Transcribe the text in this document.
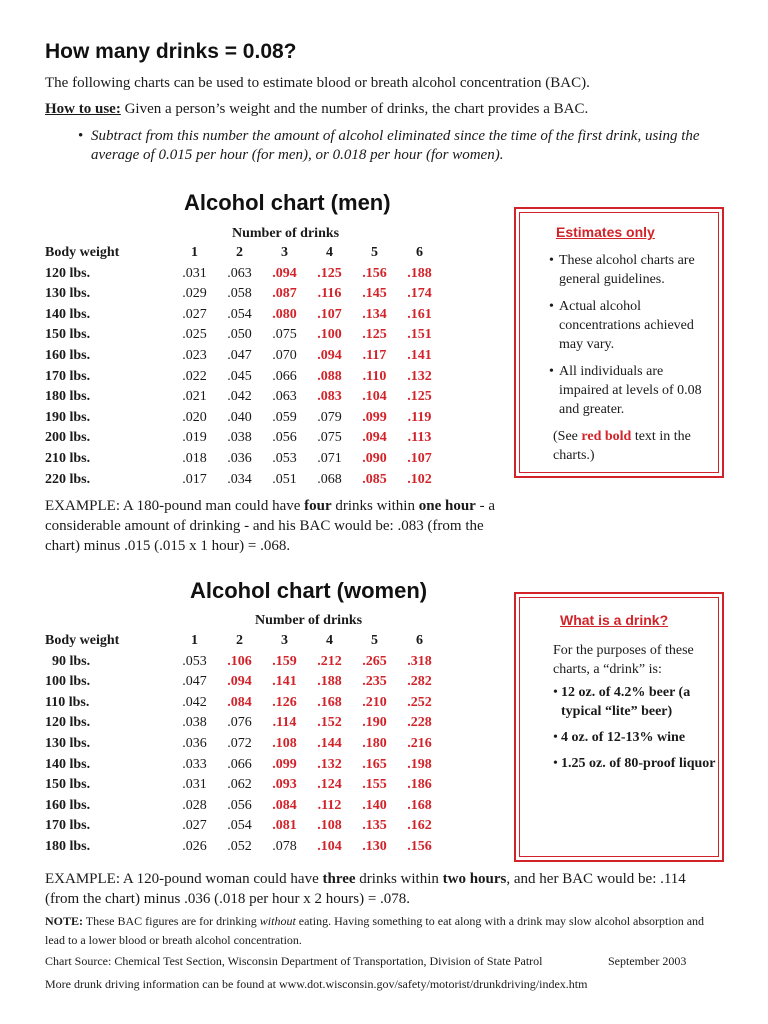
How many drinks = 0.08?
The following charts can be used to estimate blood or breath alcohol concentration (BAC).
How to use: Given a person’s weight and the number of drinks, the chart provides a BAC.
• Subtract from this number the amount of alcohol eliminated since the time of the first drink, using the average of 0.015 per hour (for men), or 0.018 per hour (for women).
Alcohol chart (men)
Number of drinks
Body weight	1	2	3	4	5	6
120 lbs.	.031	.063	.094	.125	.156	.188
130 lbs.	.029	.058	.087	.116	.145	.174
140 lbs.	.027	.054	.080	.107	.134	.161
150 lbs.	.025	.050	.075	.100	.125	.151
160 lbs.	.023	.047	.070	.094	.117	.141
170 lbs.	.022	.045	.066	.088	.110	.132
180 lbs.	.021	.042	.063	.083	.104	.125
190 lbs.	.020	.040	.059	.079	.099	.119
200 lbs.	.019	.038	.056	.075	.094	.113
210 lbs.	.018	.036	.053	.071	.090	.107
220 lbs.	.017	.034	.051	.068	.085	.102
EXAMPLE: A 180-pound man could have four drinks within one hour - a considerable amount of drinking - and his BAC would be: .083 (from the chart) minus .015 (.015 x 1 hour) = .068.
Estimates only
• These alcohol charts are general guidelines.
• Actual alcohol concentrations achieved may vary.
• All individuals are impaired at levels of 0.08 and greater.
(See red bold text in the charts.)
Alcohol chart (women)
Number of drinks
Body weight	1	2	3	4	5	6
90 lbs.	.053	.106	.159	.212	.265	.318
100 lbs.	.047	.094	.141	.188	.235	.282
110 lbs.	.042	.084	.126	.168	.210	.252
120 lbs.	.038	.076	.114	.152	.190	.228
130 lbs.	.036	.072	.108	.144	.180	.216
140 lbs.	.033	.066	.099	.132	.165	.198
150 lbs.	.031	.062	.093	.124	.155	.186
160 lbs.	.028	.056	.084	.112	.140	.168
170 lbs.	.027	.054	.081	.108	.135	.162
180 lbs.	.026	.052	.078	.104	.130	.156
What is a drink?
For the purposes of these charts, a “drink” is:
• 12 oz. of 4.2% beer (a typical “lite” beer)
• 4 oz. of 12-13% wine
• 1.25 oz. of 80-proof liquor
EXAMPLE: A 120-pound woman could have three drinks within two hours, and her BAC would be: .114 (from the chart) minus .036 (.018 per hour x 2 hours) = .078.
NOTE: These BAC figures are for drinking without eating. Having something to eat along with a drink may slow alcohol absorption and lead to a lower blood or breath alcohol concentration.
Chart Source: Chemical Test Section, Wisconsin Department of Transportation, Division of State Patrol	September 2003
More drunk driving information can be found at www.dot.wisconsin.gov/safety/motorist/drunkdriving/index.htm
